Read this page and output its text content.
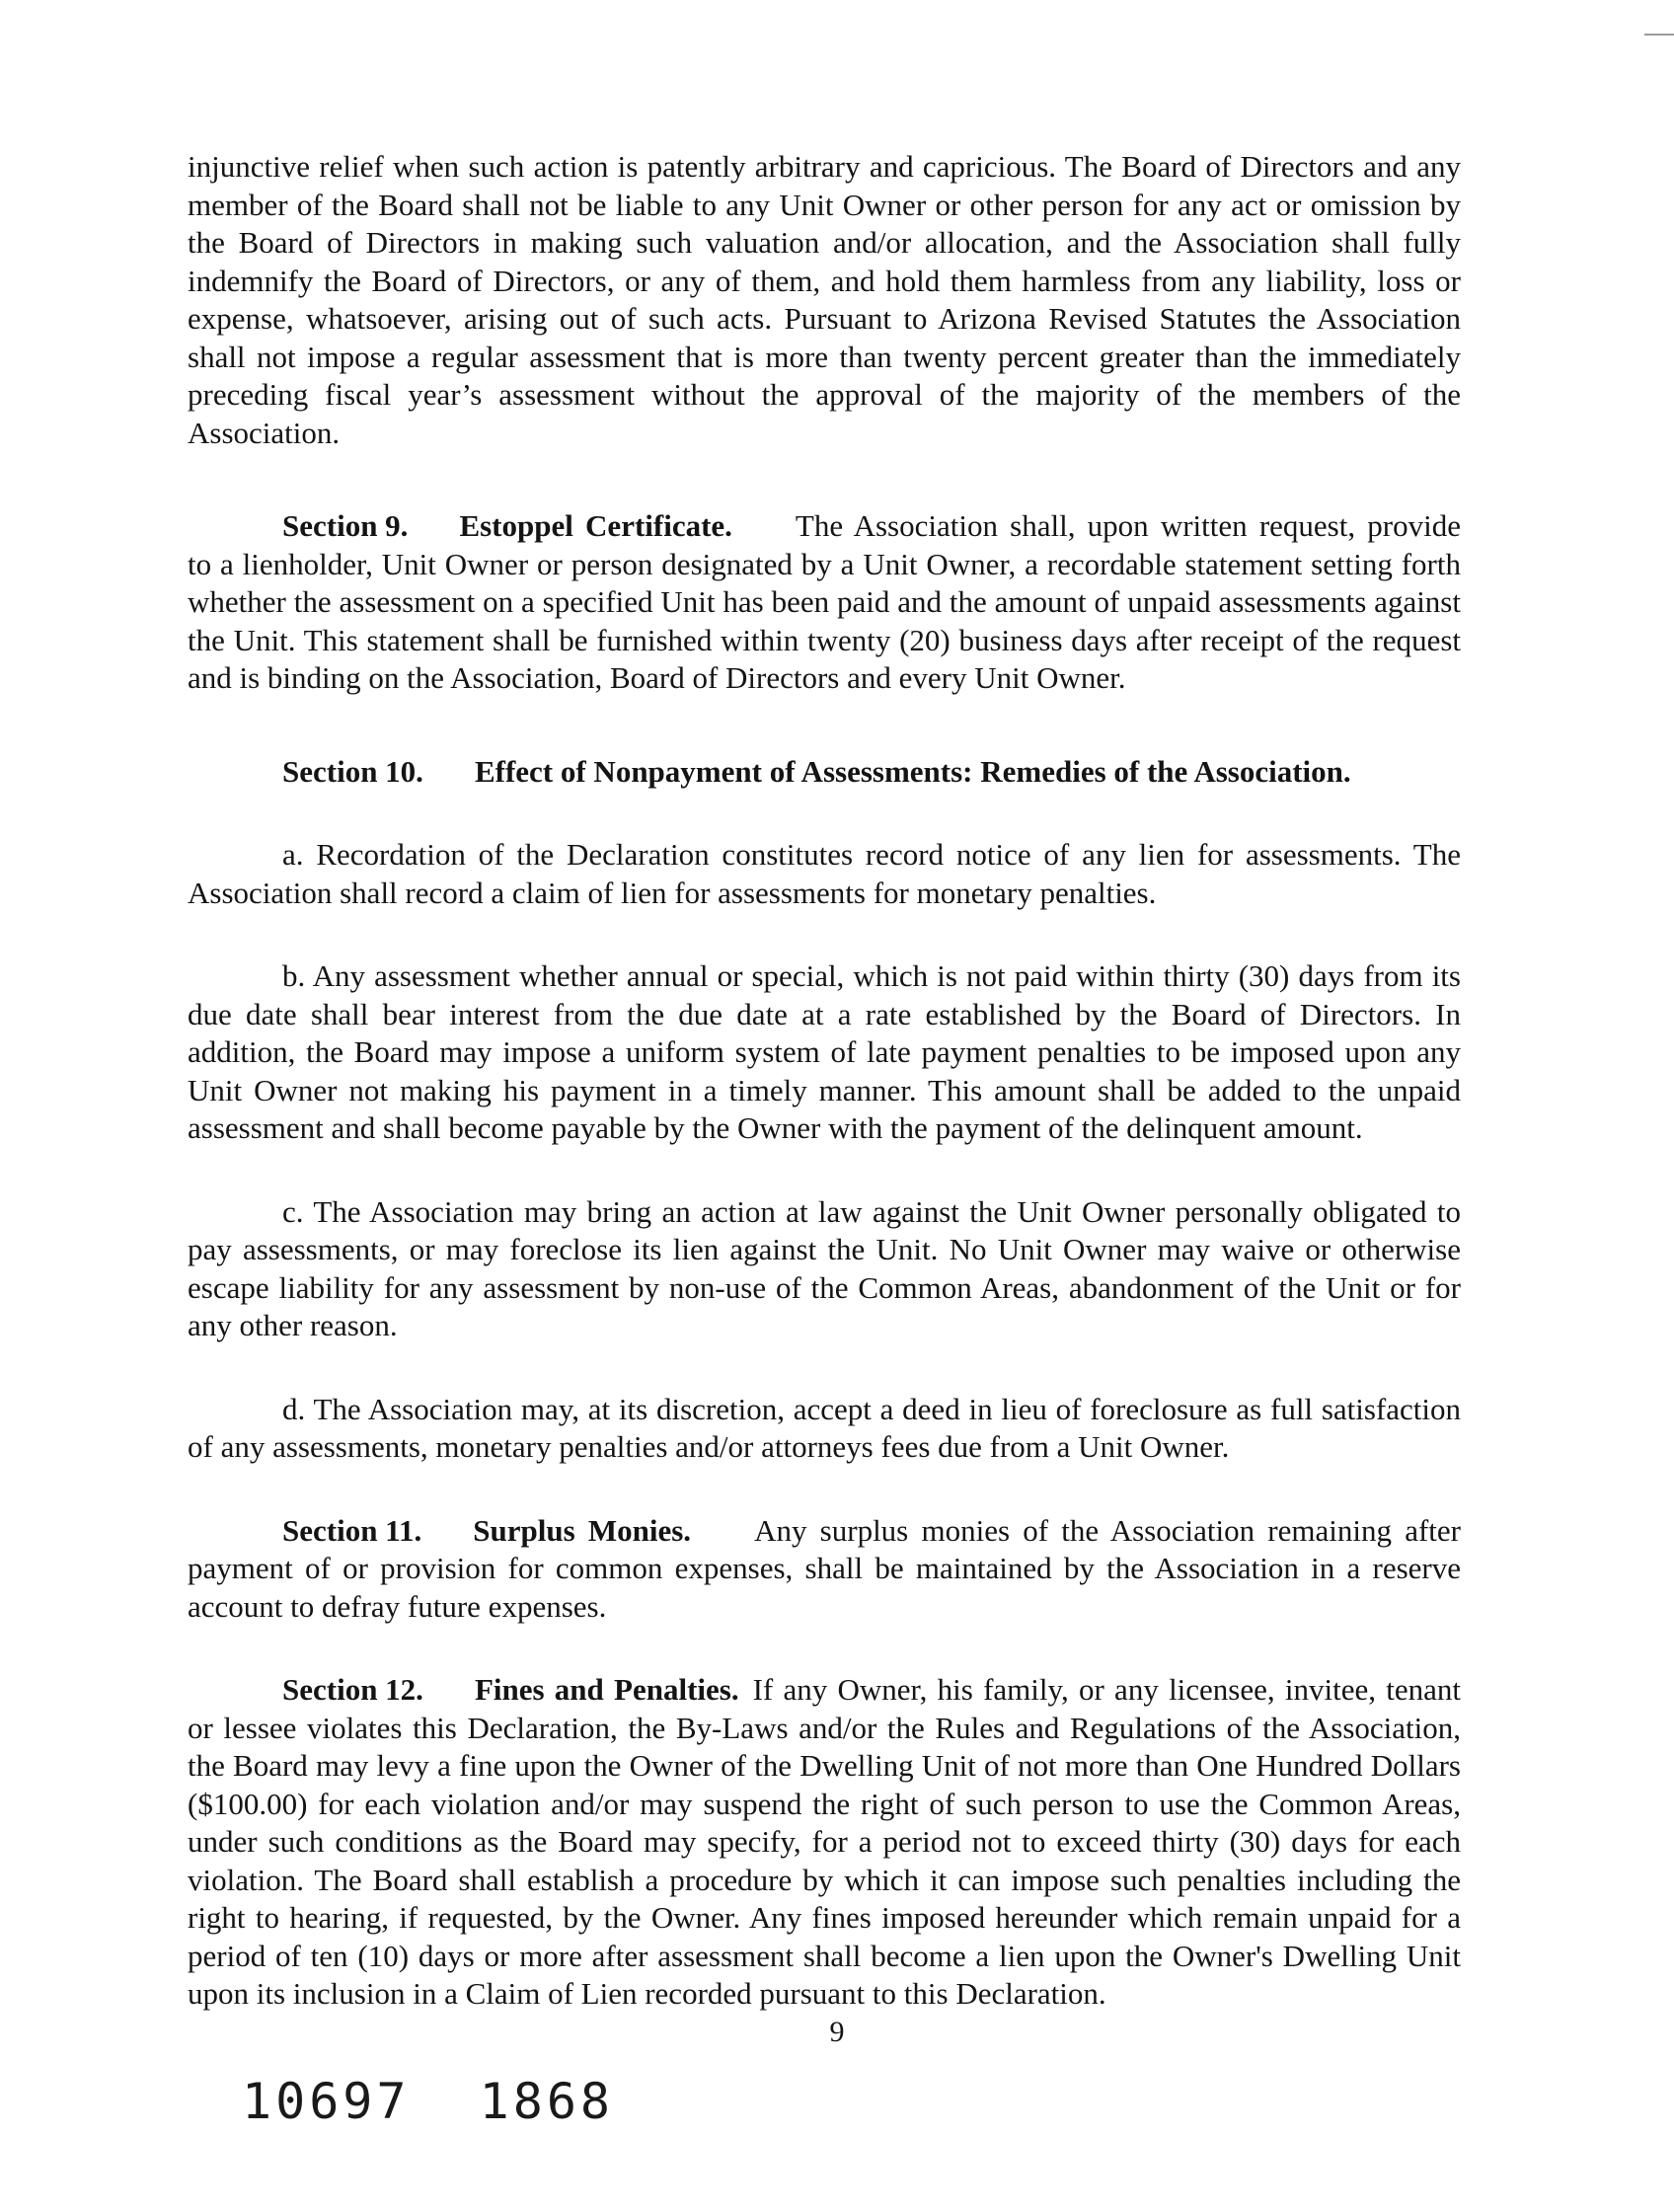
injunctive relief when such action is patently arbitrary and capricious. The Board of Directors and any member of the Board shall not be liable to any Unit Owner or other person for any act or omission by the Board of Directors in making such valuation and/or allocation, and the Association shall fully indemnify the Board of Directors, or any of them, and hold them harmless from any liability, loss or expense, whatsoever, arising out of such acts. Pursuant to Arizona Revised Statutes the Association shall not impose a regular assessment that is more than twenty percent greater than the immediately preceding fiscal year’s assessment without the approval of the majority of the members of the Association.

Section 9. Estoppel Certificate. The Association shall, upon written request, provide to a lienholder, Unit Owner or person designated by a Unit Owner, a recordable statement setting forth whether the assessment on a specified Unit has been paid and the amount of unpaid assessments against the Unit. This statement shall be furnished within twenty (20) business days after receipt of the request and is binding on the Association, Board of Directors and every Unit Owner.

Section 10. Effect of Nonpayment of Assessments: Remedies of the Association.

a. Recordation of the Declaration constitutes record notice of any lien for assessments. The Association shall record a claim of lien for assessments for monetary penalties.

b. Any assessment whether annual or special, which is not paid within thirty (30) days from its due date shall bear interest from the due date at a rate established by the Board of Directors. In addition, the Board may impose a uniform system of late payment penalties to be imposed upon any Unit Owner not making his payment in a timely manner. This amount shall be added to the unpaid assessment and shall become payable by the Owner with the payment of the delinquent amount.

c. The Association may bring an action at law against the Unit Owner personally obligated to pay assessments, or may foreclose its lien against the Unit. No Unit Owner may waive or otherwise escape liability for any assessment by non-use of the Common Areas, abandonment of the Unit or for any other reason.

d. The Association may, at its discretion, accept a deed in lieu of foreclosure as full satisfaction of any assessments, monetary penalties and/or attorneys fees due from a Unit Owner.

Section 11. Surplus Monies. Any surplus monies of the Association remaining after payment of or provision for common expenses, shall be maintained by the Association in a reserve account to defray future expenses.

Section 12. Fines and Penalties. If any Owner, his family, or any licensee, invitee, tenant or lessee violates this Declaration, the By-Laws and/or the Rules and Regulations of the Association, the Board may levy a fine upon the Owner of the Dwelling Unit of not more than One Hundred Dollars ($100.00) for each violation and/or may suspend the right of such person to use the Common Areas, under such conditions as the Board may specify, for a period not to exceed thirty (30) days for each violation. The Board shall establish a procedure by which it can impose such penalties including the right to hearing, if requested, by the Owner. Any fines imposed hereunder which remain unpaid for a period of ten (10) days or more after assessment shall become a lien upon the Owner's Dwelling Unit upon its inclusion in a Claim of Lien recorded pursuant to this Declaration.

9
10697 1868
